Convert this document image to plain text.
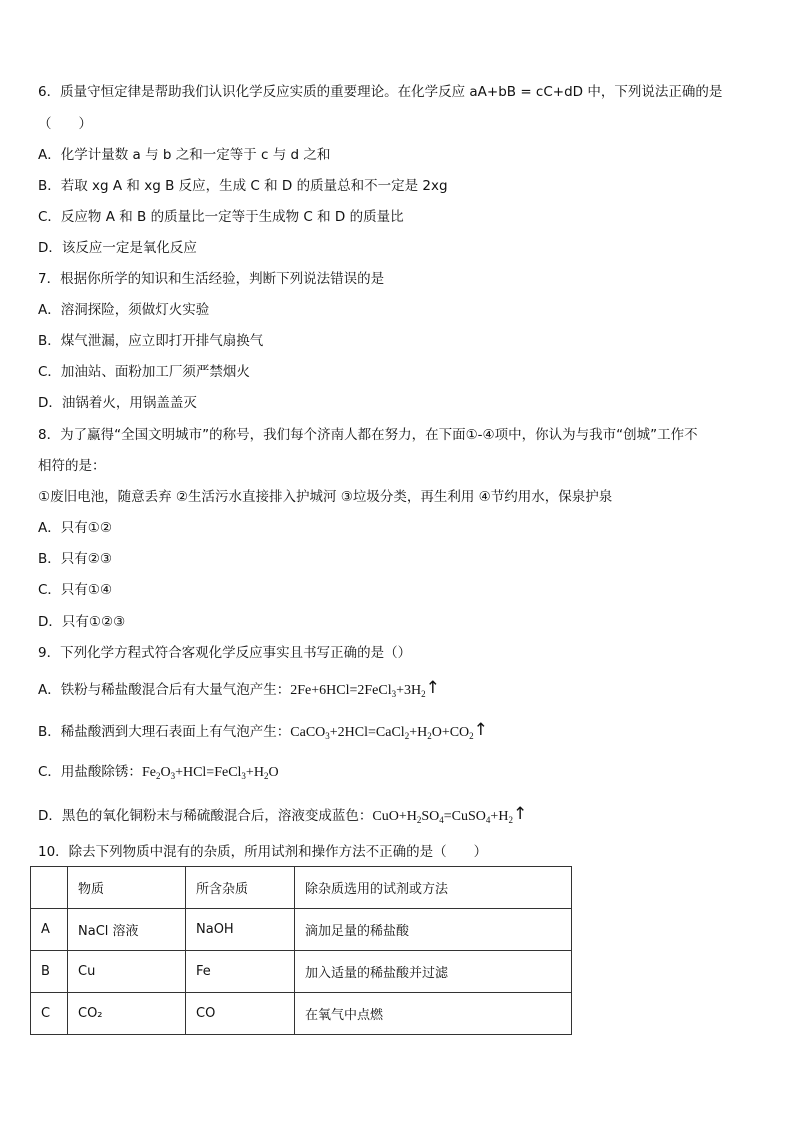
6．质量守恒定律是帮助我们认识化学反应实质的重要理论。在化学反应 aA+bB = cC+dD 中，下列说法正确的是
（　　）
A．化学计量数 a 与 b 之和一定等于 c 与 d 之和
B．若取 xg A 和 xg B 反应，生成 C 和 D 的质量总和不一定是 2xg
C．反应物 A 和 B 的质量比一定等于生成物 C 和 D 的质量比
D．该反应一定是氧化反应
7．根据你所学的知识和生活经验，判断下列说法错误的是
A．溶洞探险，须做灯火实验
B．煤气泄漏，应立即打开排气扇换气
C．加油站、面粉加工厂须严禁烟火
D．油锅着火，用锅盖盖灭
8．为了赢得“全国文明城市”的称号，我们每个济南人都在努力，在下面①-④项中，你认为与我市“创城”工作不
相符的是：
①废旧电池，随意丢弃 ②生活污水直接排入护城河 ③垃圾分类，再生利用 ④节约用水，保泉护泉
A．只有①②
B．只有②③
C．只有①④
D．只有①②③
9．下列化学方程式符合客观化学反应事实且书写正确的是（）
A．铁粉与稀盐酸混合后有大量气泡产生：$2Fe+6HCl=2FeCl_3+3H_2↑$
B．稀盐酸洒到大理石表面上有气泡产生：$CaCO_3+2HCl=CaCl_2+H_2O+CO_2↑$
C．用盐酸除锈：$Fe_2O_3+HCl=FeCl_3+H_2O$
D．黑色的氧化铜粉末与稀硫酸混合后，溶液变成蓝色：$CuO+H_2SO_4=CuSO_4+H_2↑$
10．除去下列物质中混有的杂质，所用试剂和操作方法不正确的是（　　）
	物质	所含杂质	除杂质选用的试剂或方法
A	NaCl 溶液	NaOH	滴加足量的稀盐酸
B	Cu	Fe	加入适量的稀盐酸并过滤
C	CO₂	CO	在氧气中点燃
